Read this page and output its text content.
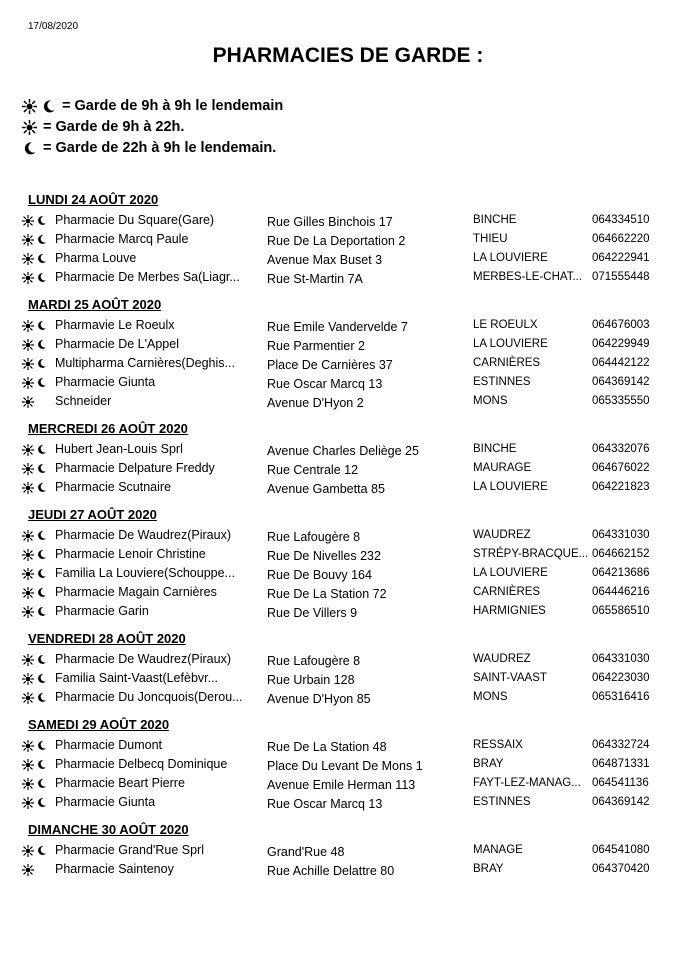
17/08/2020
PHARMACIES DE GARDE :
= Garde de 9h à 9h le lendemain
= Garde de 9h à 22h.
= Garde de 22h à 9h le lendemain.
LUNDI 24 AOÛT 2020
Pharmacie Du Square(Gare)	Rue Gilles Binchois 17	BINCHE	064334510
Pharmacie Marcq Paule	Rue De La Deportation 2	THIEU	064662220
Pharma Louve	Avenue Max Buset 3	LA LOUVIERE	064222941
Pharmacie De Merbes Sa(Liagr... Rue St-Martin 7A	MERBES-LE-CHAT... 071555448
MARDI 25 AOÛT 2020
Pharmavie Le Roeulx	Rue Emile Vandervelde 7	LE ROEULX	064676003
Pharmacie De L'Appel	Rue Parmentier 2	LA LOUVIERE	064229949
Multipharma Carnières(Deghis...	Place De Carnières 37	CARNIÈRES	064442122
Pharmacie Giunta	Rue Oscar Marcq 13	ESTINNES	064369142
Schneider	Avenue D'Hyon 2	MONS	065335550
MERCREDI 26 AOÛT 2020
Hubert Jean-Louis Sprl	Avenue Charles Deliège 25	BINCHE	064332076
Pharmacie Delpature Freddy	Rue Centrale 12	MAURAGE	064676022
Pharmacie Scutnaire	Avenue Gambetta 85	LA LOUVIERE	064221823
JEUDI 27 AOÛT 2020
Pharmacie De Waudrez(Piraux)	Rue Lafougère 8	WAUDREZ	064331030
Pharmacie Lenoir Christine	Rue De Nivelles 232	STRÉPY-BRACQUE... 064662152
Familia La Louviere(Schouppe...	Rue De Bouvy 164	LA LOUVIERE	064213686
Pharmacie Magain Carnières	Rue De La Station 72	CARNIÈRES	064446216
Pharmacie Garin	Rue De Villers 9	HARMIGNIES	065586510
VENDREDI 28 AOÛT 2020
Pharmacie De Waudrez(Piraux)	Rue Lafougère 8	WAUDREZ	064331030
Familia Saint-Vaast(Lefèbvr...	Rue Urbain 128	SAINT-VAAST	064223030
Pharmacie Du Joncquois(Derou... Avenue D'Hyon 85	MONS	065316416
SAMEDI 29 AOÛT 2020
Pharmacie Dumont	Rue De La Station 48	RESSAIX	064332724
Pharmacie Delbecq Dominique	Place Du Levant De Mons 1	BRAY	064871331
Pharmacie Beart Pierre	Avenue Emile Herman 113	FAYT-LEZ-MANAG... 064541136
Pharmacie Giunta	Rue Oscar Marcq 13	ESTINNES	064369142
DIMANCHE 30 AOÛT 2020
Pharmacie Grand'Rue Sprl	Grand'Rue 48	MANAGE	064541080
Pharmacie Saintenoy	Rue Achille Delattre 80	BRAY	064370420
